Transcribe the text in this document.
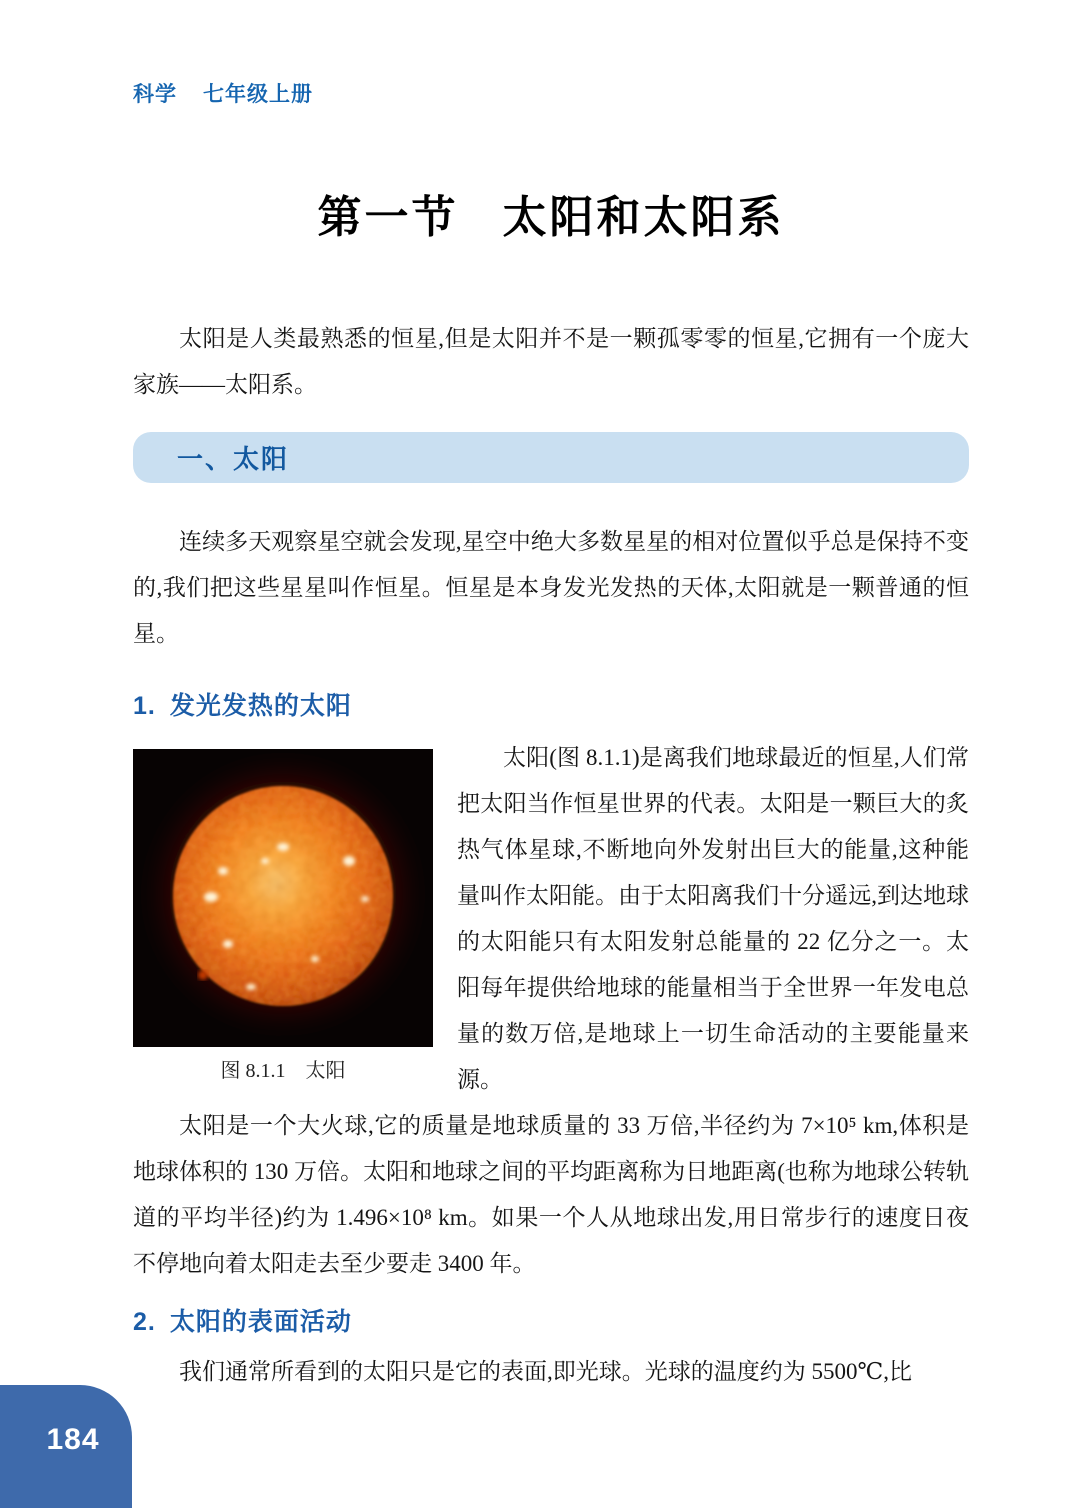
科学 七年级上册
第一节 太阳和太阳系

太阳是人类最熟悉的恒星,但是太阳并不是一颗孤零零的恒星,它拥有一个庞大家族——太阳系。

一、太阳

连续多天观察星空就会发现,星空中绝大多数星星的相对位置似乎总是保持不变的,我们把这些星星叫作恒星。恒星是本身发光发热的天体,太阳就是一颗普通的恒星。

1. 发光发热的太阳
图 8.1.1 太阳

太阳(图 8.1.1)是离我们地球最近的恒星,人们常把太阳当作恒星世界的代表。太阳是一颗巨大的炙热气体星球,不断地向外发射出巨大的能量,这种能量叫作太阳能。由于太阳离我们十分遥远,到达地球的太阳能只有太阳发射总能量的 22 亿分之一。太阳每年提供给地球的能量相当于全世界一年发电总量的数万倍,是地球上一切生命活动的主要能量来源。

太阳是一个大火球,它的质量是地球质量的 33 万倍,半径约为 7×10⁵ km,体积是地球体积的 130 万倍。太阳和地球之间的平均距离称为日地距离(也称为地球公转轨道的平均半径)约为 1.496×10⁸ km。如果一个人从地球出发,用日常步行的速度日夜不停地向着太阳走去至少要走 3400 年。

2. 太阳的表面活动

我们通常所看到的太阳只是它的表面,即光球。光球的温度约为 5500℃,比

184
